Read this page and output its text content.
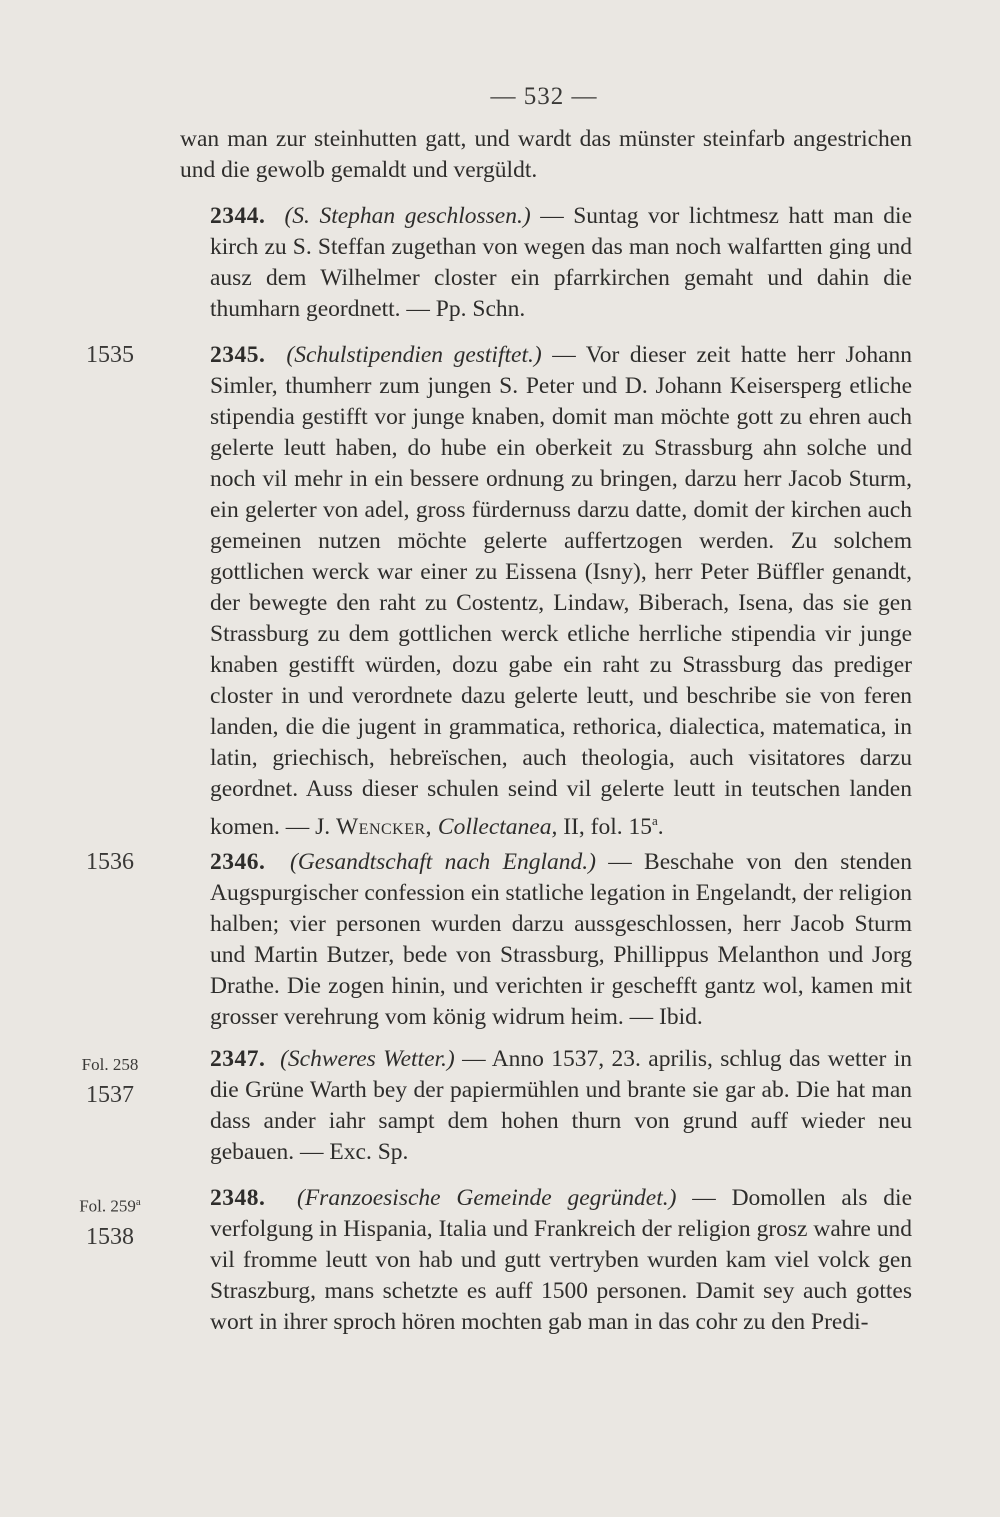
— 532 —
wan man zur steinhutten gatt, und wardt das münster steinfarb angestrichen und die gewolb gemaldt und vergüldt.
2344. (S. Stephan geschlossen.) — Suntag vor lichtmesz hatt man die kirch zu S. Steffan zugethan von wegen das man noch walfartten ging und ausz dem Wilhelmer closter ein pfarrkirchen gemaht und dahin die thumharn geordnett. — Pp. Schn.
1535	2345. (Schulstipendien gestiftet.) — Vor dieser zeit hatte herr Johann Simler, thumherr zum jungen S. Peter und D. Johann Keisersperg etliche stipendia gestifft vor junge knaben, domit man möchte gott zu ehren auch gelerte leutt haben, do hube ein oberkeit zu Strassburg ahn solche und noch vil mehr in ein bessere ordnung zu bringen, darzu herr Jacob Sturm, ein gelerter von adel, gross fürdernuss darzu datte, domit der kirchen auch gemeinen nutzen möchte gelerte auffertzogen werden. Zu solchem gottlichen werck war einer zu Eissena (Isny), herr Peter Büffler genandt, der bewegte den raht zu Costentz, Lindaw, Biberach, Isena, das sie gen Strassburg zu dem gottlichen werck etliche herrliche stipendia vir junge knaben gestifft würden, dozu gabe ein raht zu Strassburg das prediger closter in und verordnete dazu gelerte leutt, und beschribe sie von feren landen, die die jugent in grammatica, rethorica, dialectica, matematica, in latin, griechisch, hebreïschen, auch theologia, auch visitatores darzu geordnet. Auss dieser schulen seind vil gelerte leutt in teutschen landen komen. — J. Wencker, Collectanea, II, fol. 15$^a$.
1536	2346. (Gesandtschaft nach England.) — Beschahe von den stenden Augspurgischer confession ein statliche legation in Engelandt, der religion halben; vier personen wurden darzu aussgeschlossen, herr Jacob Sturm und Martin Butzer, bede von Strassburg, Phillippus Melanthon und Jorg Drathe. Die zogen hinin, und verichten ir geschefft gantz wol, kamen mit grosser verehrung vom könig widrum heim. — Ibid.
Fol. 258
1537
2347. (Schweres Wetter.) — Anno 1537, 23. aprilis, schlug das wetter in die Grüne Warth bey der papiermühlen und brante sie gar ab. Die hat man dass ander iahr sampt dem hohen thurn von grund auff wieder neu gebauen. — Exc. Sp.
Fol. 259$^a$
1538
2348. (Franzoesische Gemeinde gegründet.) — Domollen als die verfolgung in Hispania, Italia und Frankreich der religion grosz wahre und vil fromme leutt von hab und gutt vertryben wurden kam viel volck gen Straszburg, mans schetzte es auff 1500 personen. Damit sey auch gottes wort in ihrer sproch hören mochten gab man in das cohr zu den Predi-
